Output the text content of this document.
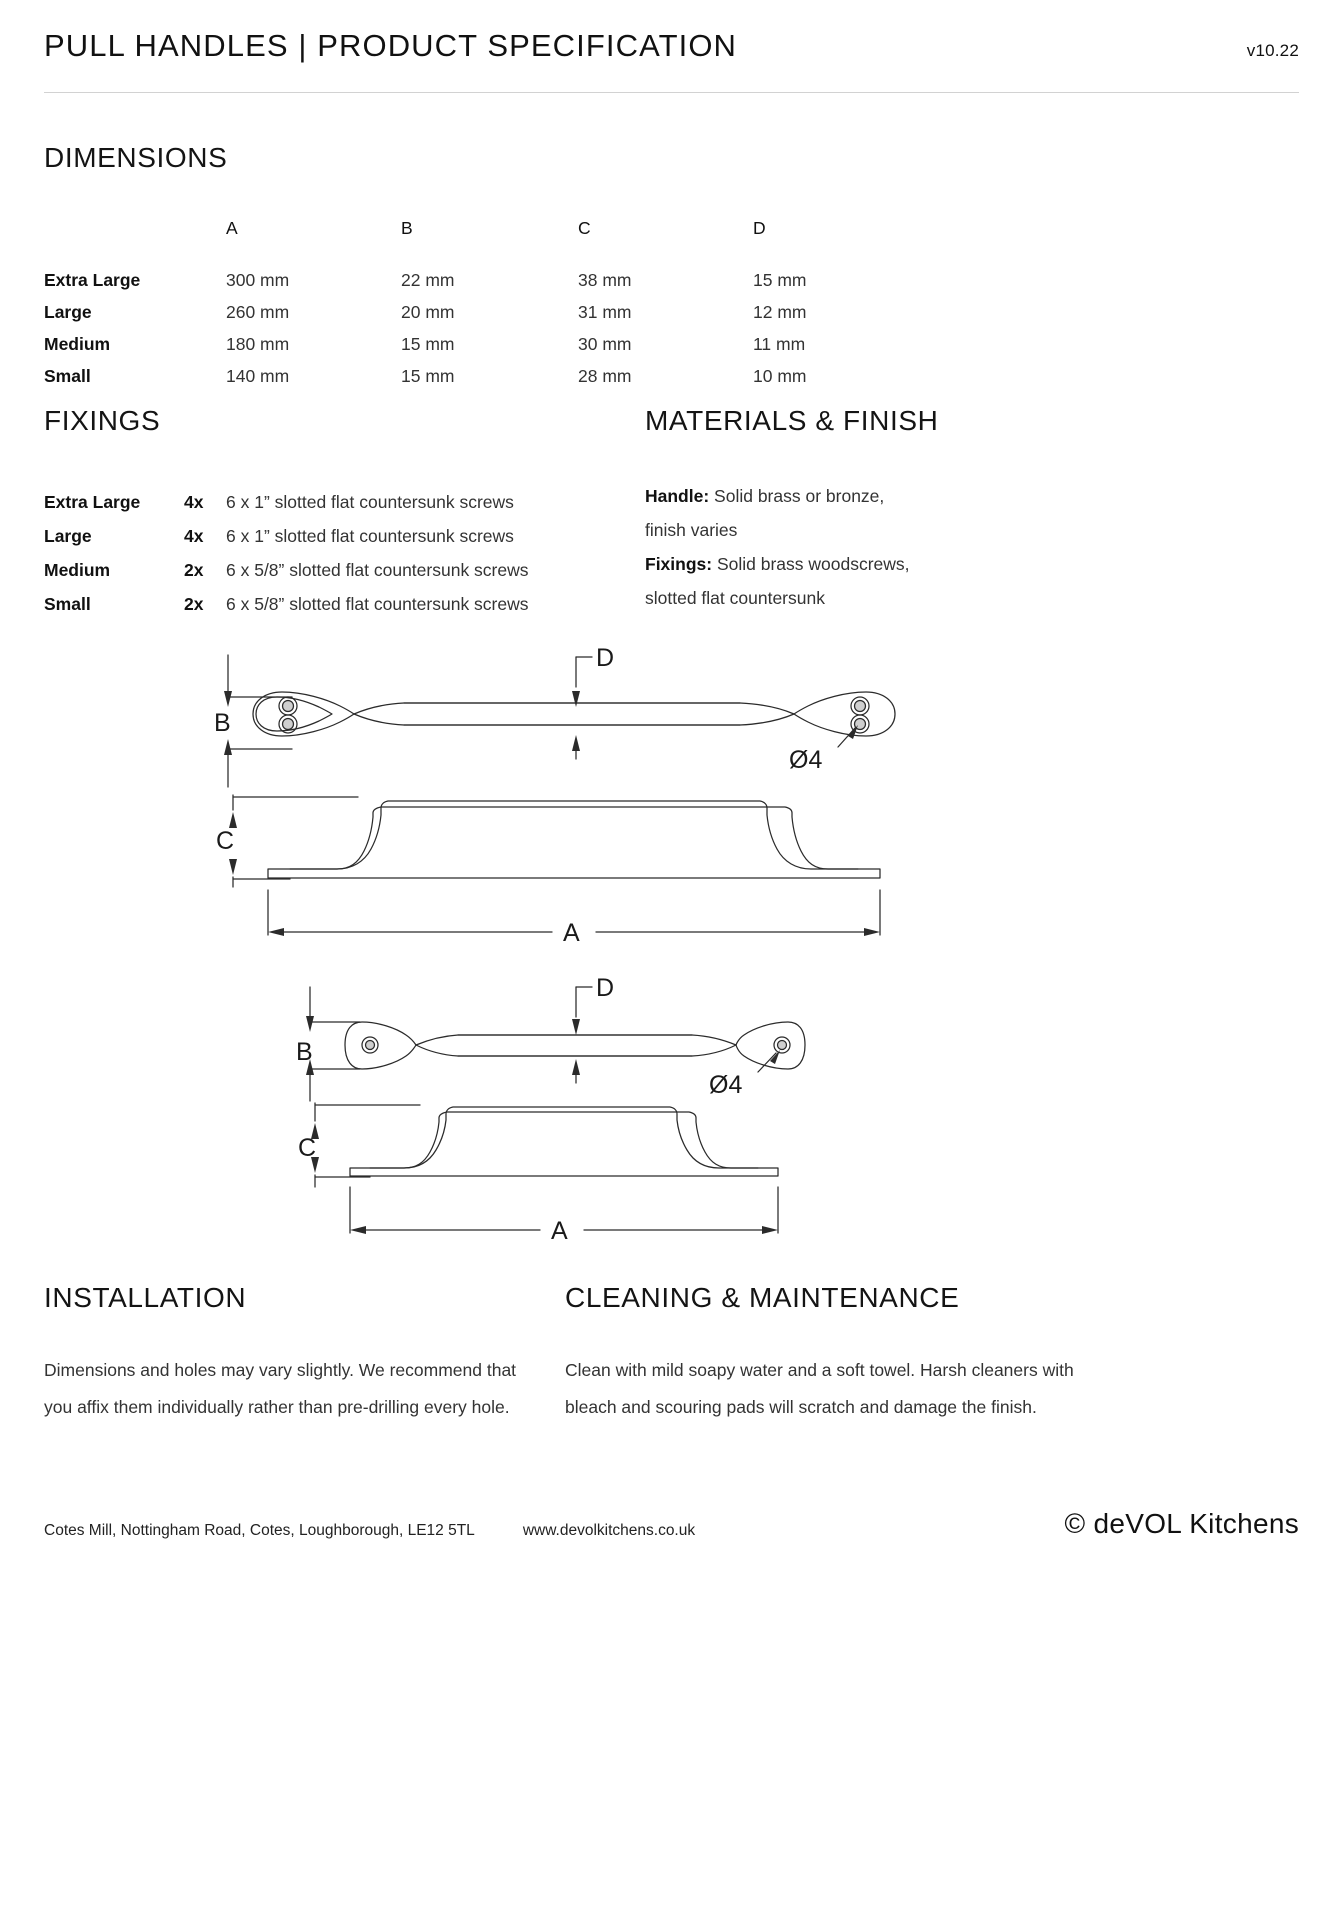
PULL HANDLES | PRODUCT SPECIFICATION	v10.22
DIMENSIONS
	A	B	C	D
Extra Large	300 mm	22 mm	38 mm	15 mm
Large	260 mm	20 mm	31 mm	12 mm
Medium	180 mm	15 mm	30 mm	11 mm
Small	140 mm	15 mm	28 mm	10 mm
FIXINGS
Extra Large	4x	6 x 1” slotted flat countersunk screws
Large	4x	6 x 1” slotted flat countersunk screws
Medium	2x	6 x 5/8” slotted flat countersunk screws
Small	2x	6 x 5/8” slotted flat countersunk screws
MATERIALS & FINISH
Handle: Solid brass or bronze,
finish varies
Fixings: Solid brass woodscrews,
slotted flat countersunk
B
D
Ø4
C
A
B
D
Ø4
C
A
INSTALLATION
Dimensions and holes may vary slightly. We recommend that you affix them individually rather than pre-drilling every hole.
CLEANING & MAINTENANCE
Clean with mild soapy water and a soft towel. Harsh cleaners with bleach and scouring pads will scratch and damage the finish.
Cotes Mill, Nottingham Road, Cotes, Loughborough, LE12 5TL	www.devolkitchens.co.uk	© deVOL Kitchens
